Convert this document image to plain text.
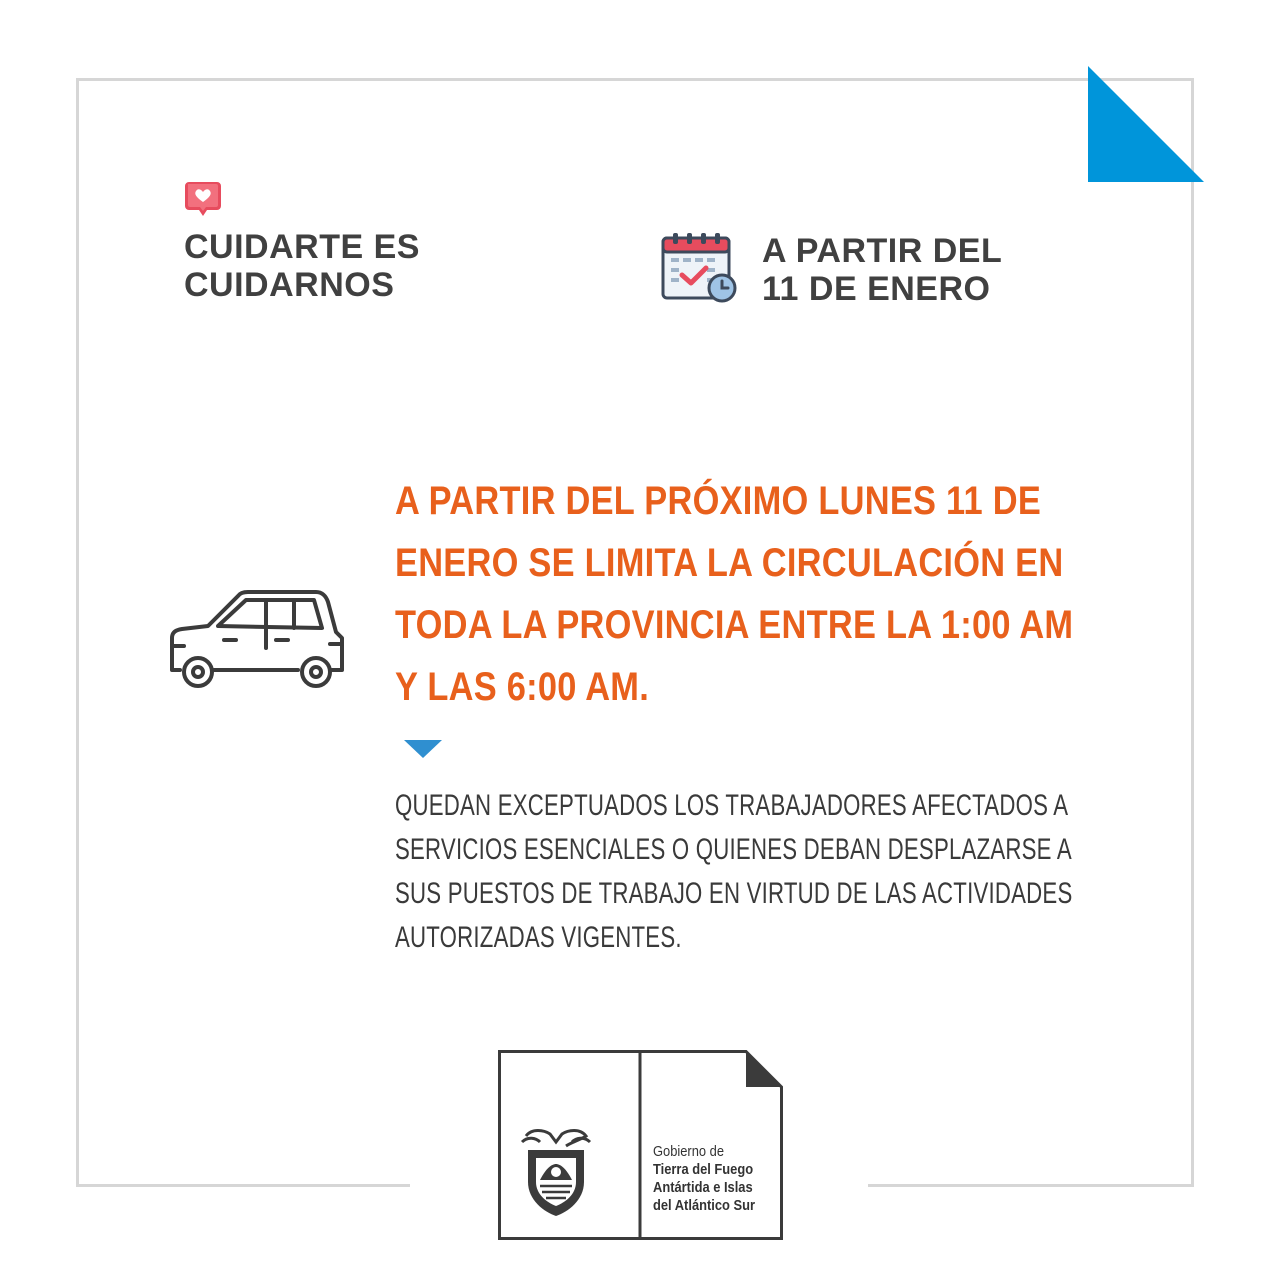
CUIDARTE ES
CUIDARNOS
A PARTIR DEL
11 DE ENERO
A PARTIR DEL PRÓXIMO LUNES 11 DE
ENERO SE LIMITA LA CIRCULACIÓN EN
TODA LA PROVINCIA ENTRE LA 1:00 AM
Y LAS 6:00 AM.
QUEDAN EXCEPTUADOS LOS TRABAJADORES AFECTADOS A
SERVICIOS ESENCIALES O QUIENES DEBAN DESPLAZARSE A
SUS PUESTOS DE TRABAJO EN VIRTUD DE LAS ACTIVIDADES
AUTORIZADAS VIGENTES.
Gobierno de
Tierra del Fuego
Antártida e Islas
del Atlántico Sur
